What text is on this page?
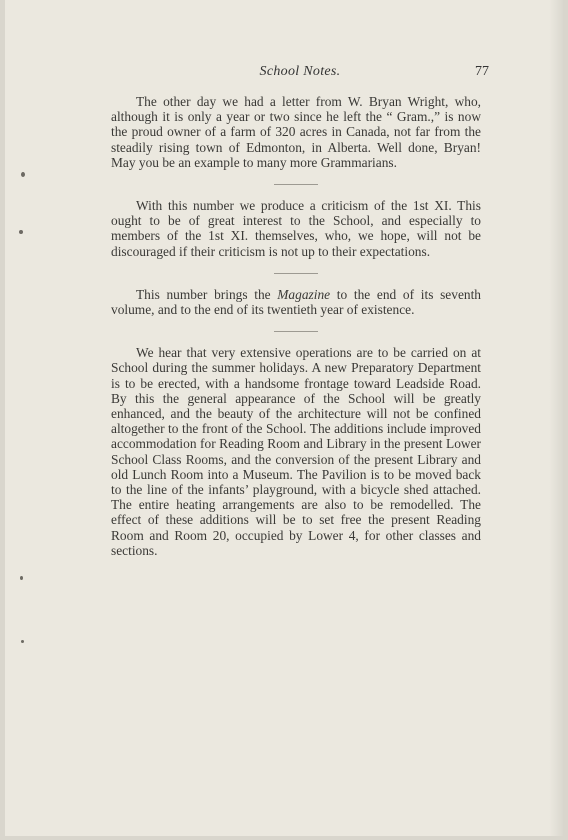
School Notes.	77

The other day we had a letter from W. Bryan Wright, who, although it is only a year or two since he left the “ Gram.,” is now the proud owner of a farm of 320 acres in Canada, not far from the steadily rising town of Edmonton, in Alberta. Well done, Bryan! May you be an example to many more Grammarians.

With this number we produce a criticism of the 1st XI. This ought to be of great interest to the School, and especially to members of the 1st XI. themselves, who, we hope, will not be discouraged if their criticism is not up to their expectations.

This number brings the Magazine to the end of its seventh volume, and to the end of its twentieth year of existence.

We hear that very extensive operations are to be carried on at School during the summer holidays. A new Preparatory Department is to be erected, with a handsome frontage toward Leadside Road. By this the general appearance of the School will be greatly enhanced, and the beauty of the architecture will not be confined altogether to the front of the School. The additions include improved accommodation for Reading Room and Library in the present Lower School Class Rooms, and the conversion of the present Library and old Lunch Room into a Museum. The Pavilion is to be moved back to the line of the infants’ playground, with a bicycle shed attached. The entire heating arrangements are also to be remodelled. The effect of these additions will be to set free the present Reading Room and Room 20, occupied by Lower 4, for other classes and sections.
